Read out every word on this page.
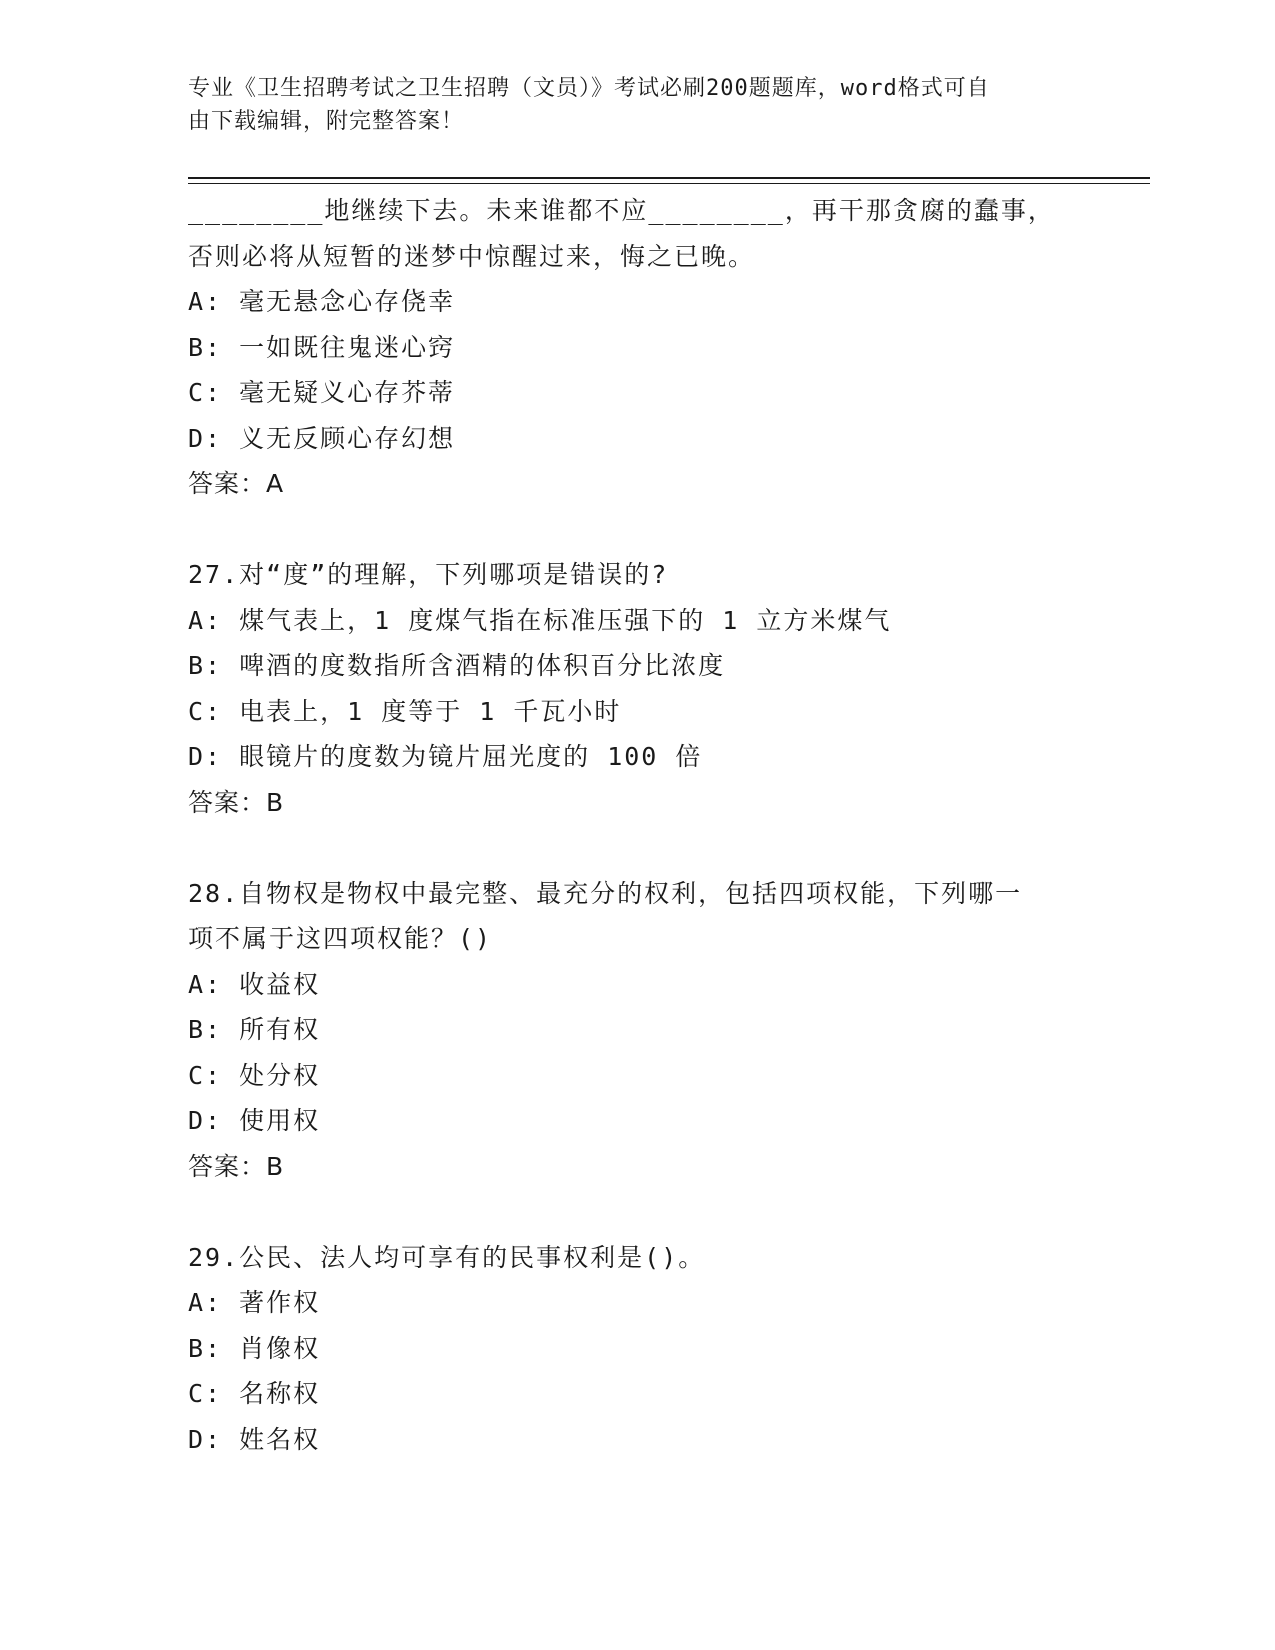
专业《卫生招聘考试之卫生招聘（文员）》考试必刷200题题库，word格式可自
由下载编辑，附完整答案！
________地继续下去。未来谁都不应________，再干那贪腐的蠢事，
否则必将从短暂的迷梦中惊醒过来，悔之已晚。
A: 毫无悬念心存侥幸
B: 一如既往鬼迷心窍
C: 毫无疑义心存芥蒂
D: 义无反顾心存幻想
答案：A
27.对“度”的理解，下列哪项是错误的?
A: 煤气表上，1 度煤气指在标准压强下的 1 立方米煤气
B: 啤酒的度数指所含酒精的体积百分比浓度
C: 电表上，1 度等于 1 千瓦小时
D: 眼镜片的度数为镜片屈光度的 100 倍
答案：B
28.自物权是物权中最完整、最充分的权利，包括四项权能，下列哪一
项不属于这四项权能？()
A: 收益权
B: 所有权
C: 处分权
D: 使用权
答案：B
29.公民、法人均可享有的民事权利是()。
A: 著作权
B: 肖像权
C: 名称权
D: 姓名权
